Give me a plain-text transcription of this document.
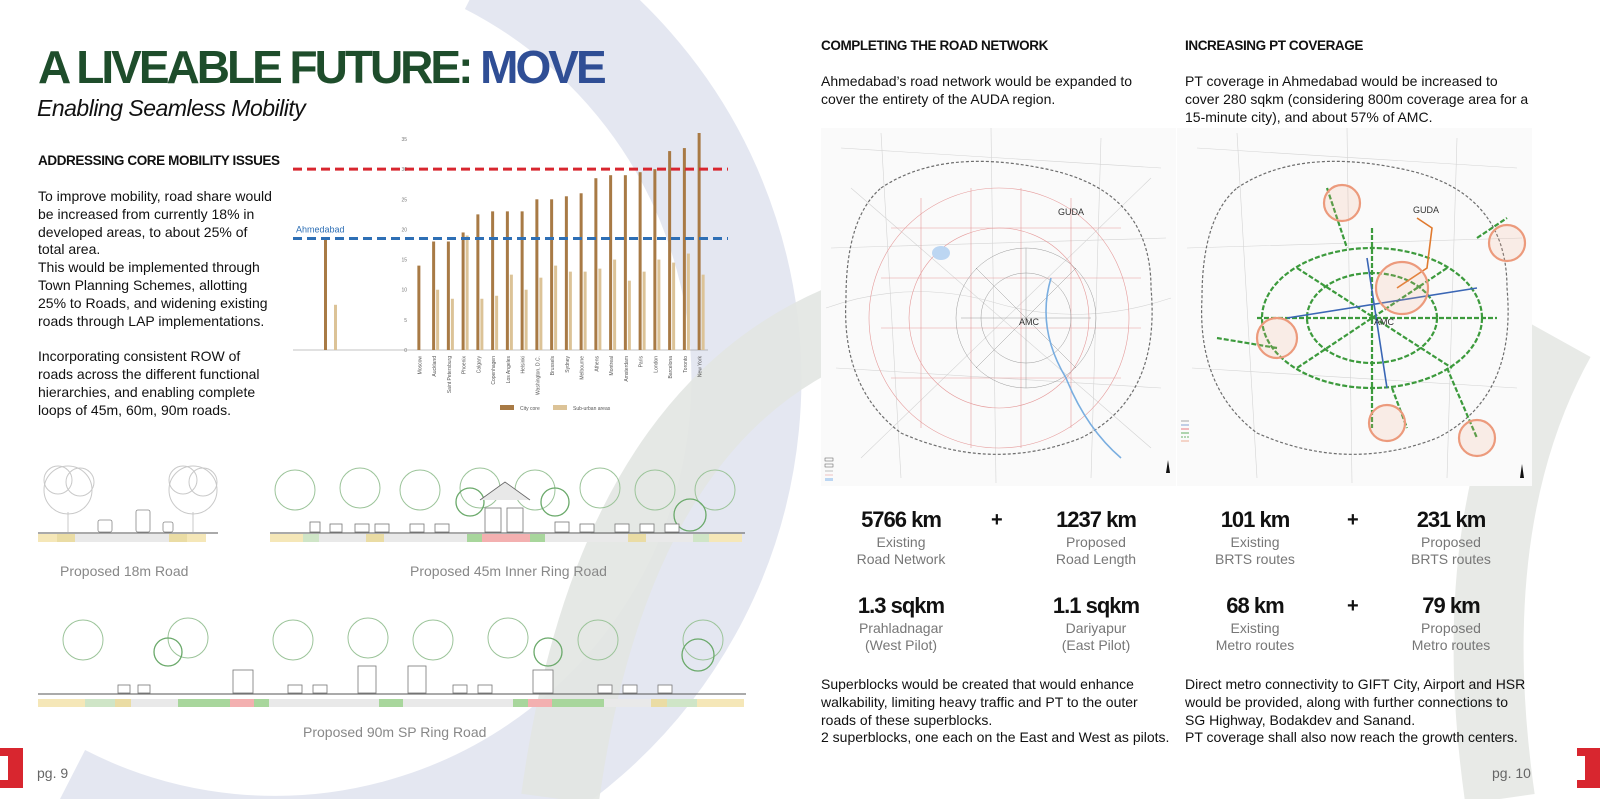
A LIVEABLE FUTURE: MOVE
Enabling Seamless Mobility
ADDRESSING CORE MOBILITY ISSUES

To improve mobility, road share would be increased from currently 18% in developed areas, to about 25% of total area.

This would be implemented through Town Planning Schemes, allotting 25% to Roads, and widening existing roads through LAP implementations.

Incorporating consistent ROW of roads across the different functional hierarchies, and enabling complete loops of 45m, 60m, 90m roads.

0
5
10
15
20
25
30
35
Moscow Auckland Saint Petersburg Phoenix Calgary Copenhagen Los Angeles Helsinki Washington, D.C. Brussels Sydney Melbourne Athens Montreal Amsterdam Paris London Barcelona Toronto New York
Ahmedabad
City core	Sub-urban areas
Proposed 18m Road	Proposed 45m Inner Ring Road
Proposed 90m SP Ring Road
pg. 9
COMPLETING THE ROAD NETWORK
Ahmedabad’s road network would be expanded to cover the entirety of the AUDA region.
INCREASING PT COVERAGE
PT coverage in Ahmedabad would be increased to cover 280 sqkm (considering 800m coverage area for a 15-minute city), and about 57% of AMC.
GUDA
AMC
GUDA
AMC
5766 km
Existing
Road Network
+	1237 km
Proposed
Road Length
1.3 sqkm
Prahladnagar
(West Pilot)
1.1 sqkm
Dariyapur
(East Pilot)
101 km
Existing
BRTS routes
+	231 km
Proposed
BRTS routes
68 km
Existing
Metro routes
+	79 km
Proposed
Metro routes

Superblocks would be created that would enhance walkability, limiting heavy traffic and PT to the outer roads of these superblocks.

2 superblocks, one each on the East and West as pilots.

Direct metro connectivity to GIFT City, Airport and HSR would be provided, along with further connections to SG Highway, Bodakdev and Sanand.

PT coverage shall also now reach the growth centers.

pg. 10
